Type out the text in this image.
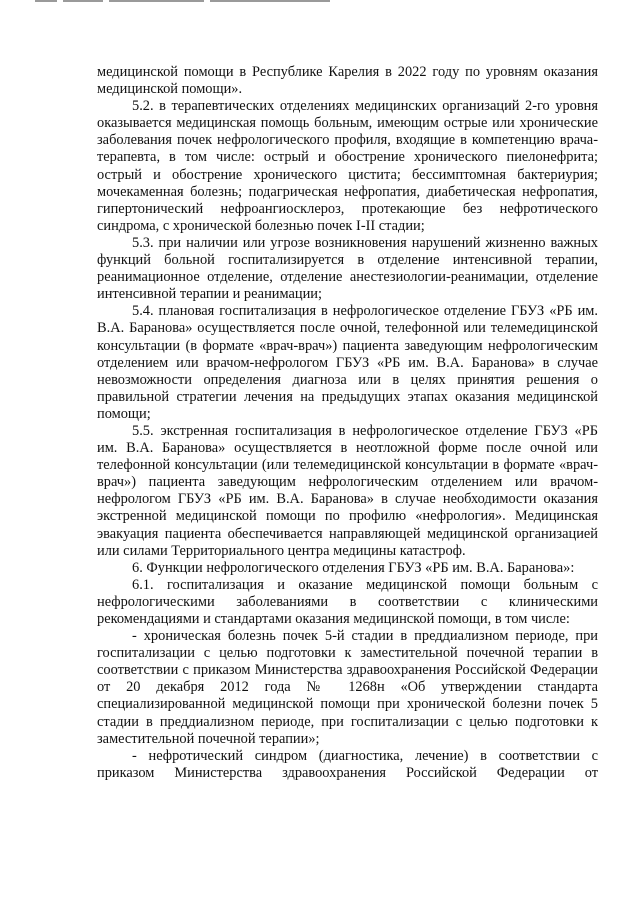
медицинской помощи в Республике Карелия в 2022 году по уровням оказания медицинской помощи».

5.2. в терапевтических отделениях медицинских организаций 2-го уровня оказывается медицинская помощь больным, имеющим острые или хронические заболевания почек нефрологического профиля, входящие в компетенцию врача-терапевта, в том числе: острый и обострение хронического пиелонефрита; острый и обострение хронического цистита; бессимптомная бактериурия; мочекаменная болезнь; подагрическая нефропатия, диабетическая нефропатия, гипертонический нефроангиосклероз, протекающие без нефротического синдрома, с хронической болезнью почек I-II стадии;

5.3. при наличии или угрозе возникновения нарушений жизненно важных функций больной госпитализируется в отделение интенсивной терапии, реанимационное отделение, отделение анестезиологии-реанимации, отделение интенсивной терапии и реанимации;

5.4. плановая госпитализация в нефрологическое отделение ГБУЗ «РБ им. В.А. Баранова» осуществляется после очной, телефонной или телемедицинской консультации (в формате «врач-врач») пациента заведующим нефрологическим отделением или врачом-нефрологом ГБУЗ «РБ им. В.А. Баранова» в случае невозможности определения диагноза или в целях принятия решения о правильной стратегии лечения на предыдущих этапах оказания медицинской помощи;

5.5. экстренная госпитализация в нефрологическое отделение ГБУЗ «РБ им. В.А. Баранова» осуществляется в неотложной форме после очной или телефонной консультации (или телемедицинской консультации в формате «врач-врач») пациента заведующим нефрологическим отделением или врачом-нефрологом ГБУЗ «РБ им. В.А. Баранова» в случае необходимости оказания экстренной медицинской помощи по профилю «нефрология». Медицинская эвакуация пациента обеспечивается направляющей медицинской организацией или силами Территориального центра медицины катастроф.

6. Функции нефрологического отделения ГБУЗ «РБ им. В.А. Баранова»:

6.1. госпитализация и оказание медицинской помощи больным с нефрологическими заболеваниями в соответствии с клиническими рекомендациями и стандартами оказания медицинской помощи, в том числе:

- хроническая болезнь почек 5-й стадии в преддиализном периоде, при госпитализации с целью подготовки к заместительной почечной терапии в соответствии с приказом Министерства здравоохранения Российской Федерации от 20 декабря 2012 года № 1268н «Об утверждении стандарта специализированной медицинской помощи при хронической болезни почек 5 стадии в преддиализном периоде, при госпитализации с целью подготовки к заместительной почечной терапии»;

- нефротический синдром (диагностика, лечение) в соответствии с приказом Министерства здравоохранения Российской Федерации от
